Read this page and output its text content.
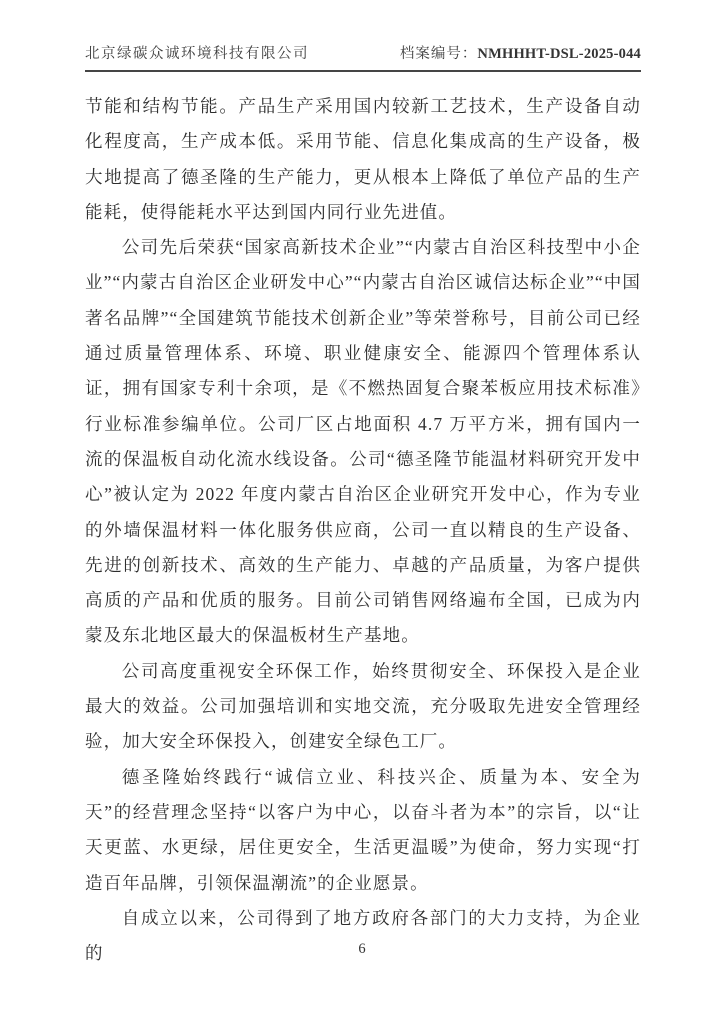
北京绿碳众诚环境科技有限公司	档案编号：NMHHHT-DSL-2025-044

节能和结构节能。产品生产采用国内较新工艺技术，生产设备自动化程度高，生产成本低。采用节能、信息化集成高的生产设备，极大地提高了德圣隆的生产能力，更从根本上降低了单位产品的生产能耗，使得能耗水平达到国内同行业先进值。

公司先后荣获“国家高新技术企业”“内蒙古自治区科技型中小企业”“内蒙古自治区企业研发中心”“内蒙古自治区诚信达标企业”“中国著名品牌”“全国建筑节能技术创新企业”等荣誉称号，目前公司已经通过质量管理体系、环境、职业健康安全、能源四个管理体系认证，拥有国家专利十余项，是《不燃热固复合聚苯板应用技术标准》行业标准参编单位。公司厂区占地面积 4.7 万平方米，拥有国内一流的保温板自动化流水线设备。公司“德圣隆节能温材料研究开发中心”被认定为 2022 年度内蒙古自治区企业研究开发中心，作为专业的外墙保温材料一体化服务供应商，公司一直以精良的生产设备、先进的创新技术、高效的生产能力、卓越的产品质量，为客户提供高质的产品和优质的服务。目前公司销售网络遍布全国，已成为内蒙及东北地区最大的保温板材生产基地。

公司高度重视安全环保工作，始终贯彻安全、环保投入是企业最大的效益。公司加强培训和实地交流，充分吸取先进安全管理经验，加大安全环保投入，创建安全绿色工厂。

德圣隆始终践行“诚信立业、科技兴企、质量为本、安全为天”的经营理念坚持“以客户为中心，以奋斗者为本”的宗旨，以“让天更蓝、水更绿，居住更安全，生活更温暖”为使命，努力实现“打造百年品牌，引领保温潮流”的企业愿景。

自成立以来，公司得到了地方政府各部门的大力支持，为企业的	6
